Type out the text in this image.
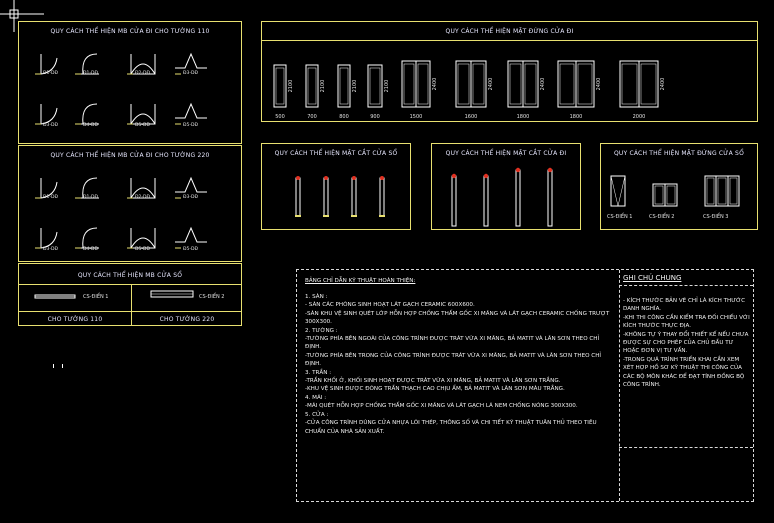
QUY CÁCH THỂ HIỆN MB CỬA ĐI CHO TƯỜNG 110
Đ1-DĐ	Đ1-DĐ	Đ2-DĐ	Đ3-DĐ
Đ3-DĐ	Đ4-DĐ	Đ5-DĐ	Đ5-DĐ
QUY CÁCH THỂ HIỆN MB CỬA ĐI CHO TƯỜNG 220
Đ1-DĐ	Đ1-DĐ	Đ2-DĐ	Đ3-DĐ
Đ3-DĐ	Đ4-DĐ	Đ5-DĐ	Đ5-DĐ
QUY CÁCH THỂ HIỆN MB CỬA SỔ
CS-ĐIỂN 1	CS-ĐIỂN 2
CHO TƯỜNG 110	CHO TƯỜNG 220
QUY CÁCH THỂ HIỆN MẶT ĐỨNG CỬA ĐI
500
2100
700
2100
800
2100
900
2100
1500
2400
1600
2400
1800
2400
1800
2400
2000
2400
QUY CÁCH THỂ HIỆN MẶT CẮT CỬA SỔ	QUY CÁCH THỂ HIỆN MẶT CẮT CỬA ĐI	QUY CÁCH THỂ HIỆN MẶT ĐỨNG CỬA SỔ
CS-ĐIỂN 1	CS-ĐIỂN 2	CS-ĐIỂN 3
BẢNG CHỈ DẪN KỸ THUẬT HOÀN THIỆN:
1. SÀN :
- SÀN CÁC PHÒNG SINH HOẠT LÁT GẠCH CERAMIC 600X600.
-SÀN KHU VỆ SINH QUÉT LỚP HỖN HỢP CHỐNG THẤM GỐC XI MĂNG VÀ LÁT GẠCH CERAMIC CHỐNG TRƯỢT 300X300.
2. TƯỜNG :
-TƯỜNG PHÍA BÊN NGOÀI CỦA CÔNG TRÌNH ĐƯỢC TRÁT VỮA XI MĂNG, BẢ MATIT VÀ LĂN SƠN THEO CHỈ ĐỊNH.
-TƯỜNG PHÍA BÊN TRONG CỦA CÔNG TRÌNH ĐƯỢC TRÁT VỮA XI MĂNG, BẢ MATIT VÀ LĂN SƠN THEO CHỈ ĐỊNH.
3. TRẦN :
-TRẦN KHỐI Ở, KHỐI SINH HOẠT ĐƯỢC TRÁT VỮA XI MĂNG, BẢ MATIT VÀ LĂN SƠN TRẮNG.
-KHU VỆ SINH ĐƯỢC ĐÓNG TRẦN THẠCH CAO CHỊU ẨM, BẢ MATIT VÀ LĂN SƠN MÀU TRẮNG.
4. MÁI :
-MÁI QUÉT HỖN HỢP CHỐNG THẤM GỐC XI MĂNG VÀ LÁT GẠCH LÁ NEM CHỐNG NÓNG 300X300.
5. CỬA :
-CỬA CÔNG TRÌNH DÙNG CỬA NHỰA LÕI THÉP, THÔNG SỐ VÀ CHI TIẾT KỸ THUẬT TUÂN THỦ THEO TIÊU CHUẨN CỦA NHÀ SẢN XUẤT.
GHI CHÚ CHUNG
- KÍCH THƯỚC BẢN VẼ CHỈ LÀ KÍCH THƯỚC DANH NGHĨA.
-KHI THI CÔNG CẦN KIỂM TRA ĐỐI CHIẾU VỚI KÍCH THƯỚC THỰC ĐỊA.
-KHÔNG TỰ Ý THAY ĐỔI THIẾT KẾ NẾU CHƯA ĐƯỢC SỰ CHO PHÉP CỦA CHỦ ĐẦU TƯ HOẶC ĐƠN VỊ TƯ VẤN.
-TRONG QUÁ TRÌNH TRIỂN KHAI CẦN XEM XÉT HỢP HỒ SƠ KỸ THUẬT THI CÔNG CỦA CÁC BỘ MÔN KHÁC ĐỂ ĐẠT TÍNH ĐỒNG BỘ CÔNG TRÌNH.
